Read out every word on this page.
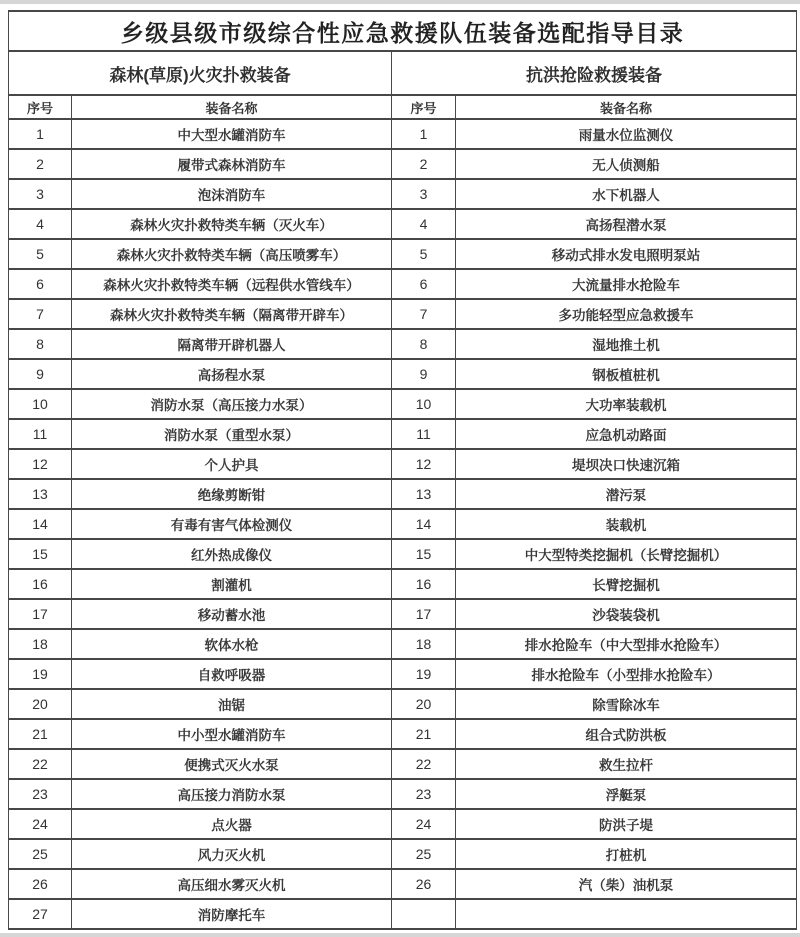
乡级县级市级综合性应急救援队伍装备选配指导目录			
森林(草原)火灾扑救装备		抗洪抢险救援装备	
序号	装备名称	序号	装备名称
1	中大型水罐消防车	1	雨量水位监测仪
2	履带式森林消防车	2	无人侦测船
3	泡沫消防车	3	水下机器人
4	森林火灾扑救特类车辆（灭火车）	4	高扬程潜水泵
5	森林火灾扑救特类车辆（高压喷雾车）	5	移动式排水发电照明泵站
6	森林火灾扑救特类车辆（远程供水管线车）	6	大流量排水抢险车
7	森林火灾扑救特类车辆（隔离带开辟车）	7	多功能轻型应急救援车
8	隔离带开辟机器人	8	湿地推土机
9	高扬程水泵	9	钢板植桩机
10	消防水泵（高压接力水泵）	10	大功率装载机
11	消防水泵（重型水泵）	11	应急机动路面
12	个人护具	12	堤坝决口快速沉箱
13	绝缘剪断钳	13	潜污泵
14	有毒有害气体检测仪	14	装载机
15	红外热成像仪	15	中大型特类挖掘机（长臂挖掘机）
16	割灌机	16	长臂挖掘机
17	移动蓄水池	17	沙袋装袋机
18	软体水枪	18	排水抢险车（中大型排水抢险车）
19	自救呼吸器	19	排水抢险车（小型排水抢险车）
20	油锯	20	除雪除冰车
21	中小型水罐消防车	21	组合式防洪板
22	便携式灭火水泵	22	救生拉杆
23	高压接力消防水泵	23	浮艇泵
24	点火器	24	防洪子堤
25	风力灭火机	25	打桩机
26	高压细水雾灭火机	26	汽（柴）油机泵
27	消防摩托车		
